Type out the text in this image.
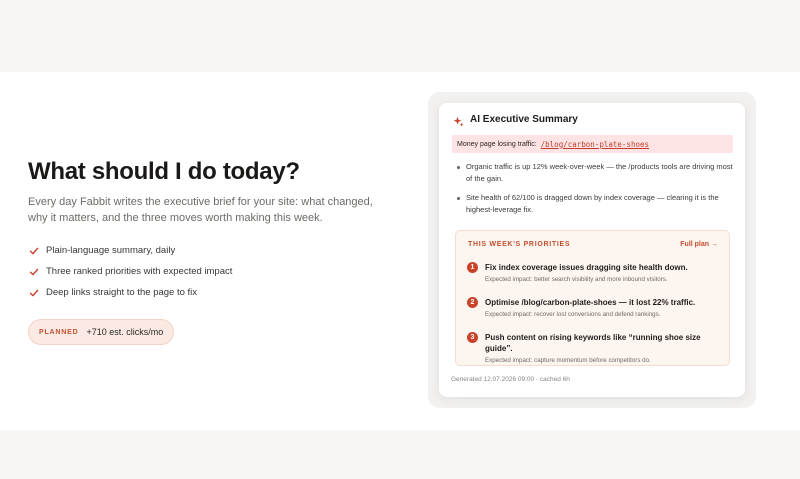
What should I do today?

Every day Fabbit writes the executive brief for your site: what changed, why it matters, and the three moves worth making this week.

Plain-language summary, daily
Three ranked priorities with expected impact
Deep links straight to the page to fix
PLANNED +710 est. clicks/mo
AI Executive Summary
Money page losing traffic: /blog/carbon-plate-shoes
Organic traffic is up 12% week-over-week — the /products tools are driving most of the gain.
Site health of 62/100 is dragged down by index coverage — clearing it is the highest-leverage fix.
THIS WEEK'S PRIORITIES	Full plan →
1	Fix index coverage issues dragging site health down.
Expected impact: better search visibility and more inbound visitors.
2	Optimise /blog/carbon-plate-shoes — it lost 22% traffic.
Expected impact: recover lost conversions and defend rankings.
3	Push content on rising keywords like “running shoe size guide”.
Expected impact: capture momentum before competitors do.
Generated 12.07.2026 09:00 · cached 6h
